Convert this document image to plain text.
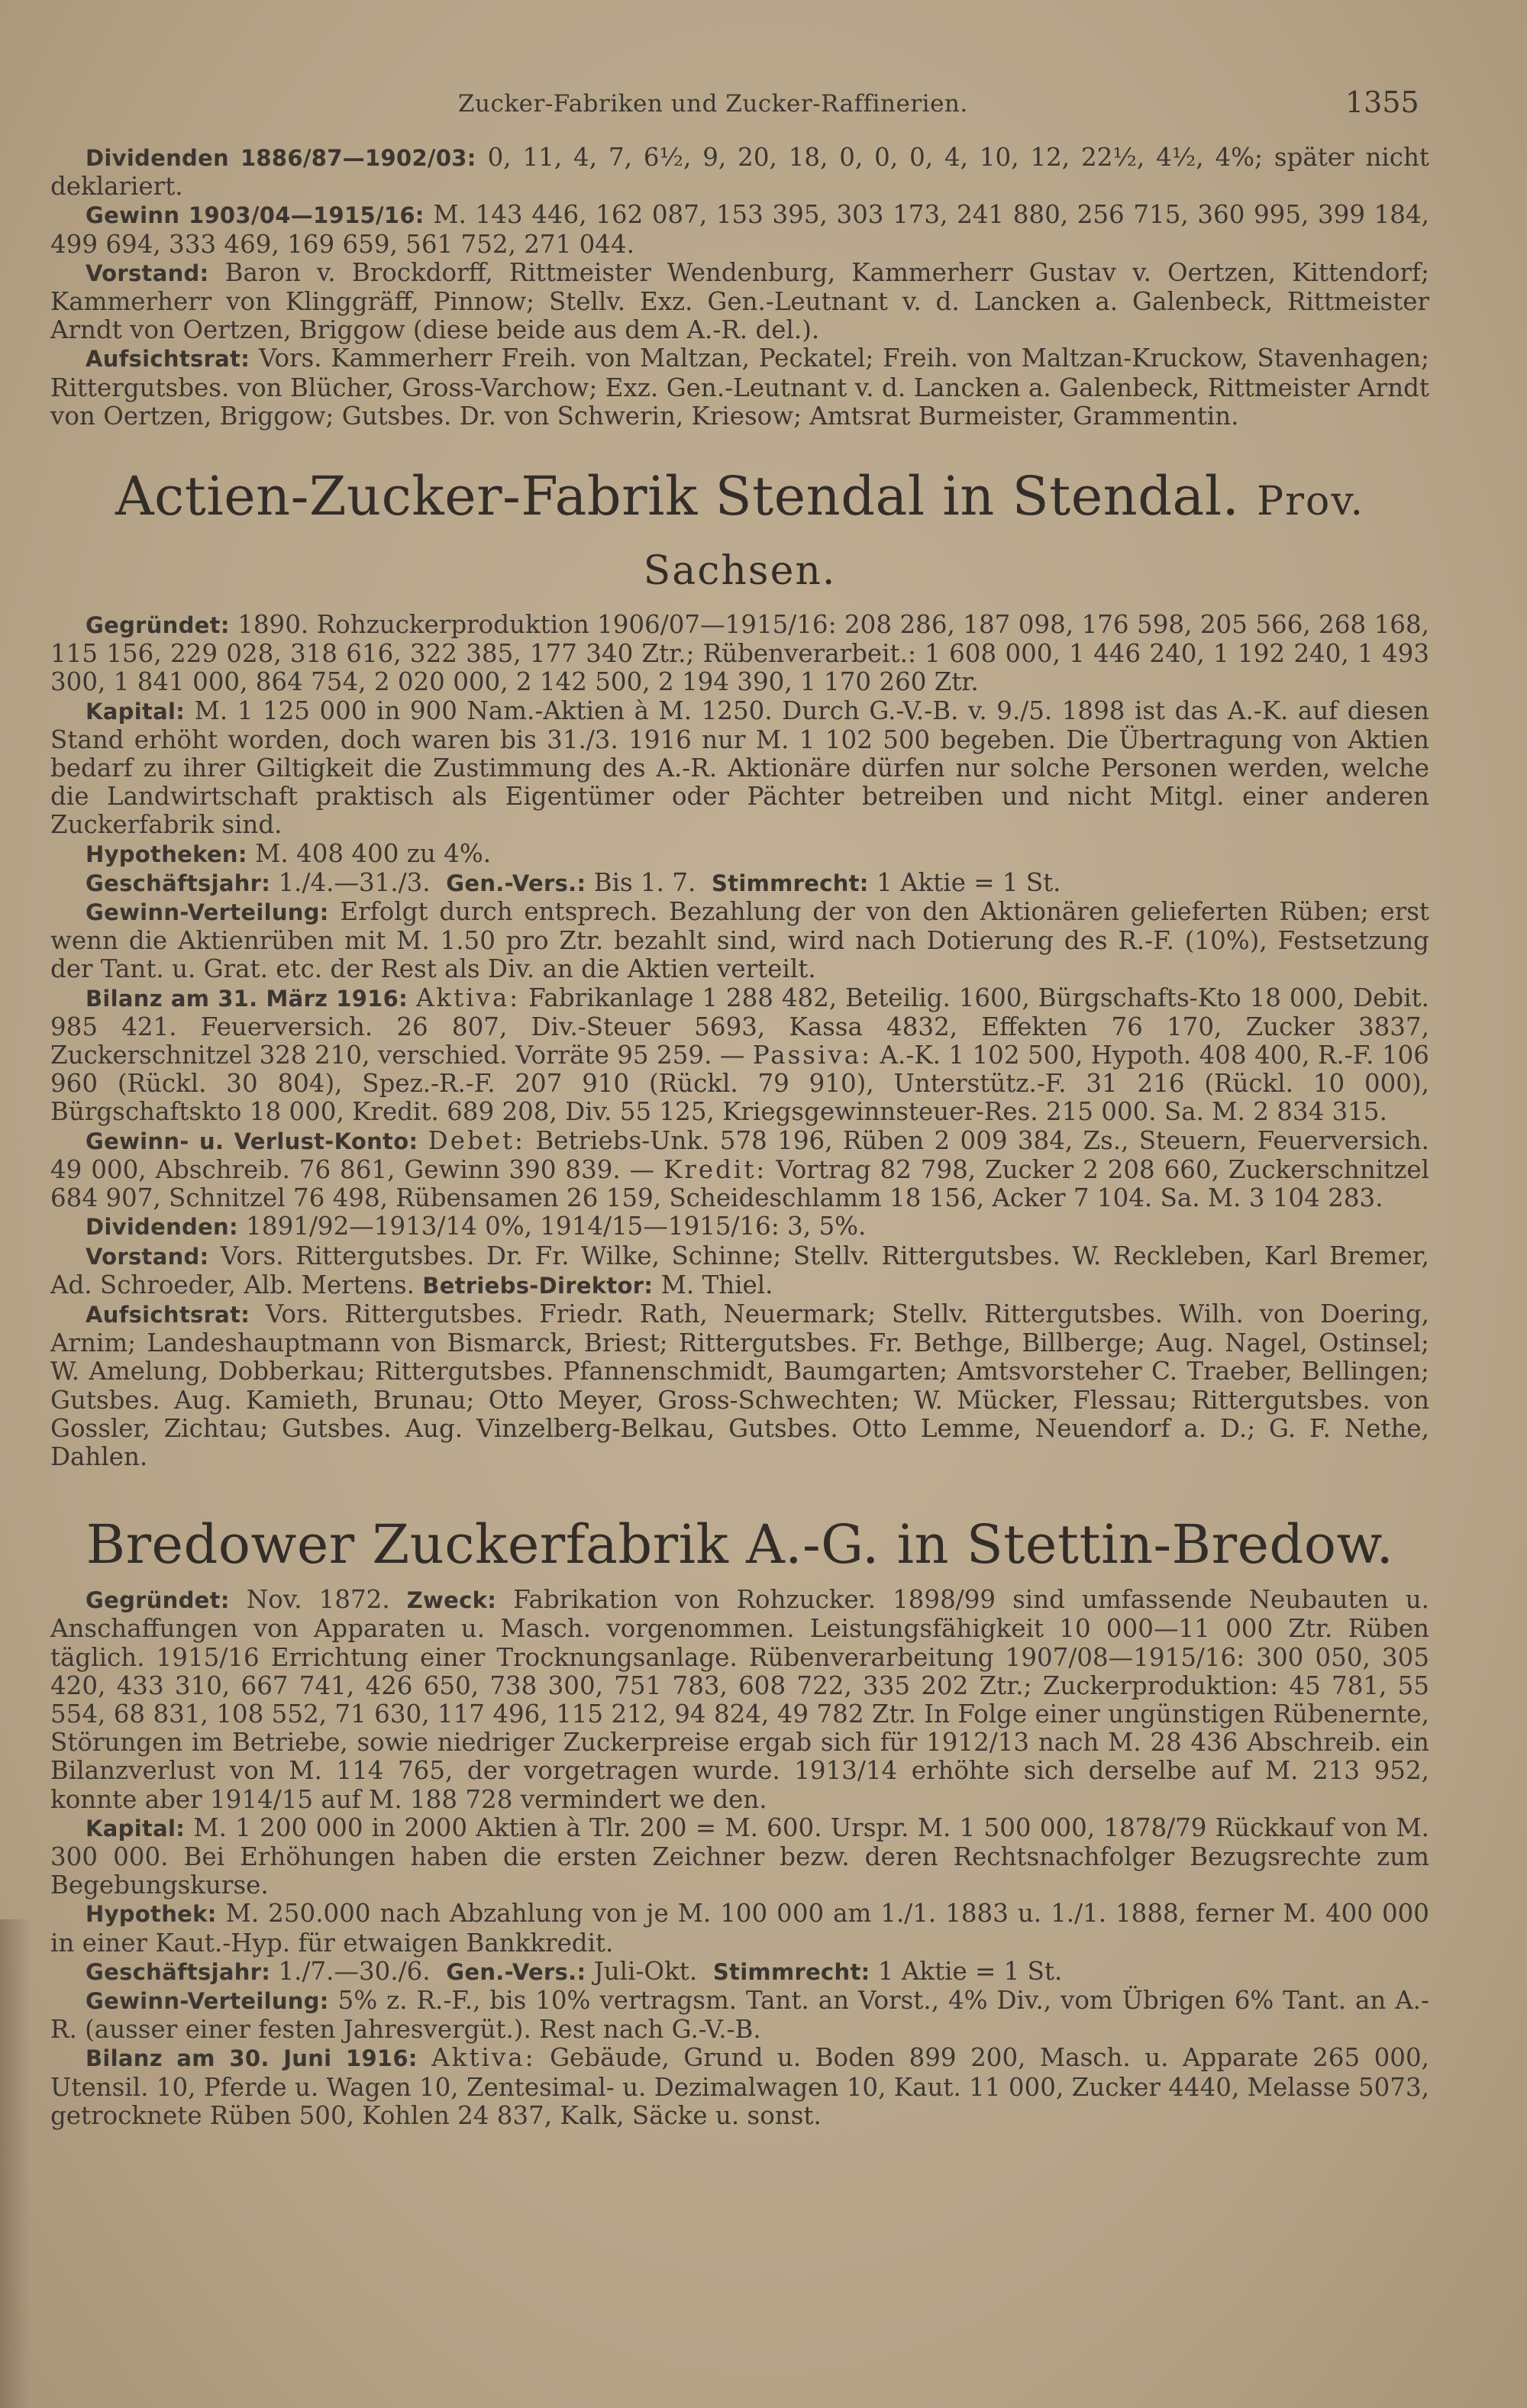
Zucker-Fabriken und Zucker-Raffinerien.	1355

Dividenden 1886/87—1902/03: 0, 11, 4, 7, 6½, 9, 20, 18, 0, 0, 0, 4, 10, 12, 22½, 4½, 4%; später nicht deklariert.

Gewinn 1903/04—1915/16: M. 143 446, 162 087, 153 395, 303 173, 241 880, 256 715, 360 995, 399 184, 499 694, 333 469, 169 659, 561 752, 271 044.

Vorstand: Baron v. Brockdorff, Rittmeister Wendenburg, Kammerherr Gustav v. Oertzen, Kittendorf; Kammerherr von Klinggräff, Pinnow; Stellv. Exz. Gen.-Leutnant v. d. Lancken a. Galenbeck, Rittmeister Arndt von Oertzen, Briggow (diese beide aus dem A.-R. del.).

Aufsichtsrat: Vors. Kammerherr Freih. von Maltzan, Peckatel; Freih. von Maltzan-Kruckow, Stavenhagen; Rittergutsbes. von Blücher, Gross-Varchow; Exz. Gen.-Leutnant v. d. Lancken a. Galenbeck, Rittmeister Arndt von Oertzen, Briggow; Gutsbes. Dr. von Schwerin, Kriesow; Amtsrat Burmeister, Grammentin.

Actien-Zucker-Fabrik Stendal in Stendal. Prov. Sachsen.

Gegründet: 1890. Rohzuckerproduktion 1906/07—1915/16: 208 286, 187 098, 176 598, 205 566, 268 168, 115 156, 229 028, 318 616, 322 385, 177 340 Ztr.; Rübenverarbeit.: 1 608 000, 1 446 240, 1 192 240, 1 493 300, 1 841 000, 864 754, 2 020 000, 2 142 500, 2 194 390, 1 170 260 Ztr.

Kapital: M. 1 125 000 in 900 Nam.-Aktien à M. 1250. Durch G.-V.-B. v. 9./5. 1898 ist das A.-K. auf diesen Stand erhöht worden, doch waren bis 31./3. 1916 nur M. 1 102 500 begeben. Die Übertragung von Aktien bedarf zu ihrer Giltigkeit die Zustimmung des A.-R. Aktionäre dürfen nur solche Personen werden, welche die Landwirtschaft praktisch als Eigentümer oder Pächter betreiben und nicht Mitgl. einer anderen Zuckerfabrik sind.

Hypotheken: M. 408 400 zu 4%.

Geschäftsjahr: 1./4.—31./3. Gen.-Vers.: Bis 1. 7. Stimmrecht: 1 Aktie = 1 St.

Gewinn-Verteilung: Erfolgt durch entsprech. Bezahlung der von den Aktionären gelieferten Rüben; erst wenn die Aktienrüben mit M. 1.50 pro Ztr. bezahlt sind, wird nach Dotierung des R.-F. (10%), Festsetzung der Tant. u. Grat. etc. der Rest als Div. an die Aktien verteilt.

Bilanz am 31. März 1916: Aktiva: Fabrikanlage 1 288 482, Beteilig. 1600, Bürgschafts-Kto 18 000, Debit. 985 421. Feuerversich. 26 807, Div.-Steuer 5693, Kassa 4832, Effekten 76 170, Zucker 3837, Zuckerschnitzel 328 210, verschied. Vorräte 95 259. — Passiva: A.-K. 1 102 500, Hypoth. 408 400, R.-F. 106 960 (Rückl. 30 804), Spez.-R.-F. 207 910 (Rückl. 79 910), Unterstütz.-F. 31 216 (Rückl. 10 000), Bürgschaftskto 18 000, Kredit. 689 208, Div. 55 125, Kriegsgewinnsteuer-Res. 215 000. Sa. M. 2 834 315.

Gewinn- u. Verlust-Konto: Debet: Betriebs-Unk. 578 196, Rüben 2 009 384, Zs., Steuern, Feuerversich. 49 000, Abschreib. 76 861, Gewinn 390 839. — Kredit: Vortrag 82 798, Zucker 2 208 660, Zuckerschnitzel 684 907, Schnitzel 76 498, Rübensamen 26 159, Scheideschlamm 18 156, Acker 7 104. Sa. M. 3 104 283.

Dividenden: 1891/92—1913/14 0%, 1914/15—1915/16: 3, 5%.

Vorstand: Vors. Rittergutsbes. Dr. Fr. Wilke, Schinne; Stellv. Rittergutsbes. W. Reckleben, Karl Bremer, Ad. Schroeder, Alb. Mertens. Betriebs-Direktor: M. Thiel.

Aufsichtsrat: Vors. Rittergutsbes. Friedr. Rath, Neuermark; Stellv. Rittergutsbes. Wilh. von Doering, Arnim; Landeshauptmann von Bismarck, Briest; Rittergutsbes. Fr. Bethge, Billberge; Aug. Nagel, Ostinsel; W. Amelung, Dobberkau; Rittergutsbes. Pfannenschmidt, Baumgarten; Amtsvorsteher C. Traeber, Bellingen; Gutsbes. Aug. Kamieth, Brunau; Otto Meyer, Gross-Schwechten; W. Mücker, Flessau; Rittergutsbes. von Gossler, Zichtau; Gutsbes. Aug. Vinzelberg-Belkau, Gutsbes. Otto Lemme, Neuendorf a. D.; G. F. Nethe, Dahlen.

Bredower Zuckerfabrik A.-G. in Stettin-Bredow.

Gegründet: Nov. 1872. Zweck: Fabrikation von Rohzucker. 1898/99 sind umfassende Neubauten u. Anschaffungen von Apparaten u. Masch. vorgenommen. Leistungsfähigkeit 10 000—11 000 Ztr. Rüben täglich. 1915/16 Errichtung einer Trocknungsanlage. Rübenverarbeitung 1907/08—1915/16: 300 050, 305 420, 433 310, 667 741, 426 650, 738 300, 751 783, 608 722, 335 202 Ztr.; Zuckerproduktion: 45 781, 55 554, 68 831, 108 552, 71 630, 117 496, 115 212, 94 824, 49 782 Ztr. In Folge einer ungünstigen Rübenernte, Störungen im Betriebe, sowie niedriger Zuckerpreise ergab sich für 1912/13 nach M. 28 436 Abschreib. ein Bilanzverlust von M. 114 765, der vorgetragen wurde. 1913/14 erhöhte sich derselbe auf M. 213 952, konnte aber 1914/15 auf M. 188 728 vermindert we den.

Kapital: M. 1 200 000 in 2000 Aktien à Tlr. 200 = M. 600. Urspr. M. 1 500 000, 1878/79 Rückkauf von M. 300 000. Bei Erhöhungen haben die ersten Zeichner bezw. deren Rechtsnachfolger Bezugsrechte zum Begebungskurse.

Hypothek: M. 250.000 nach Abzahlung von je M. 100 000 am 1./1. 1883 u. 1./1. 1888, ferner M. 400 000 in einer Kaut.-Hyp. für etwaigen Bankkredit.

Geschäftsjahr: 1./7.—30./6. Gen.-Vers.: Juli-Okt. Stimmrecht: 1 Aktie = 1 St.

Gewinn-Verteilung: 5% z. R.-F., bis 10% vertragsm. Tant. an Vorst., 4% Div., vom Übrigen 6% Tant. an A.-R. (ausser einer festen Jahresvergüt.). Rest nach G.-V.-B.

Bilanz am 30. Juni 1916: Aktiva: Gebäude, Grund u. Boden 899 200, Masch. u. Apparate 265 000, Utensil. 10, Pferde u. Wagen 10, Zentesimal- u. Dezimalwagen 10, Kaut. 11 000, Zucker 4440, Melasse 5073, getrocknete Rüben 500, Kohlen 24 837, Kalk, Säcke u. sonst.
